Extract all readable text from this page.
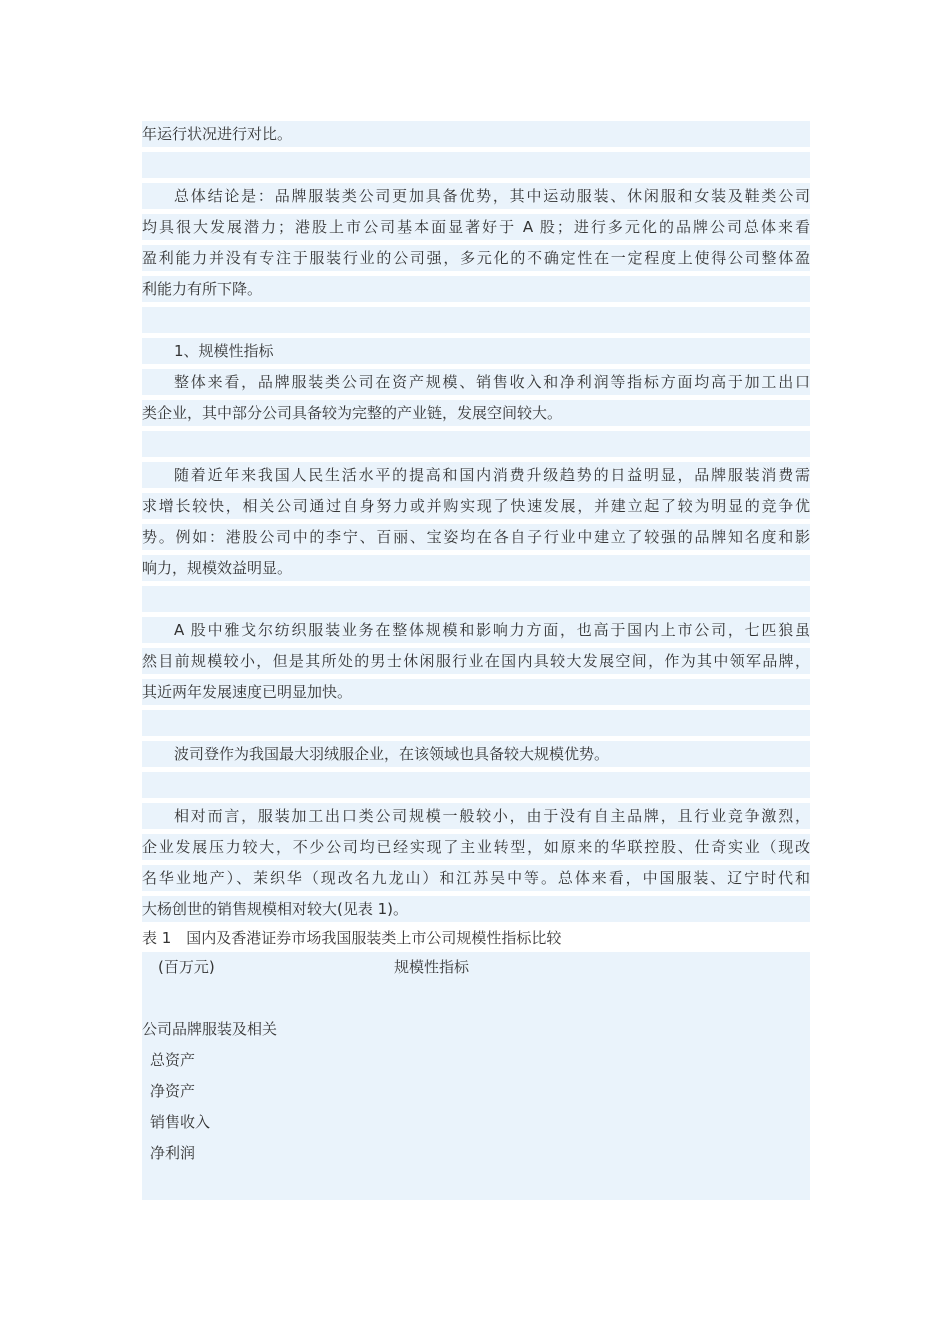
年运行状况进行对比。
总体结论是：品牌服装类公司更加具备优势，其中运动服装、休闲服和女装及鞋类公司
均具很大发展潜力；港股上市公司基本面显著好于 A 股；进行多元化的品牌公司总体来看
盈利能力并没有专注于服装行业的公司强，多元化的不确定性在一定程度上使得公司整体盈
利能力有所下降。
1、规模性指标
整体来看，品牌服装类公司在资产规模、销售收入和净利润等指标方面均高于加工出口
类企业，其中部分公司具备较为完整的产业链，发展空间较大。
随着近年来我国人民生活水平的提高和国内消费升级趋势的日益明显，品牌服装消费需
求增长较快，相关公司通过自身努力或并购实现了快速发展，并建立起了较为明显的竞争优
势。例如：港股公司中的李宁、百丽、宝姿均在各自子行业中建立了较强的品牌知名度和影
响力，规模效益明显。
A 股中雅戈尔纺织服装业务在整体规模和影响力方面，也高于国内上市公司，七匹狼虽
然目前规模较小，但是其所处的男士休闲服行业在国内具较大发展空间，作为其中领军品牌，
其近两年发展速度已明显加快。
波司登作为我国最大羽绒服企业，在该领域也具备较大规模优势。
相对而言，服装加工出口类公司规模一般较小，由于没有自主品牌，且行业竞争激烈，
企业发展压力较大，不少公司均已经实现了主业转型，如原来的华联控股、仕奇实业（现改
名华业地产）、茉织华（现改名九龙山）和江苏吴中等。总体来看，中国服装、辽宁时代和
大杨创世的销售规模相对较大(见表 1)。
表 1　国内及香港证券市场我国服装类上市公司规模性指标比较
(百万元)	规模性指标
公司品牌服装及相关
总资产
净资产
销售收入
净利润
